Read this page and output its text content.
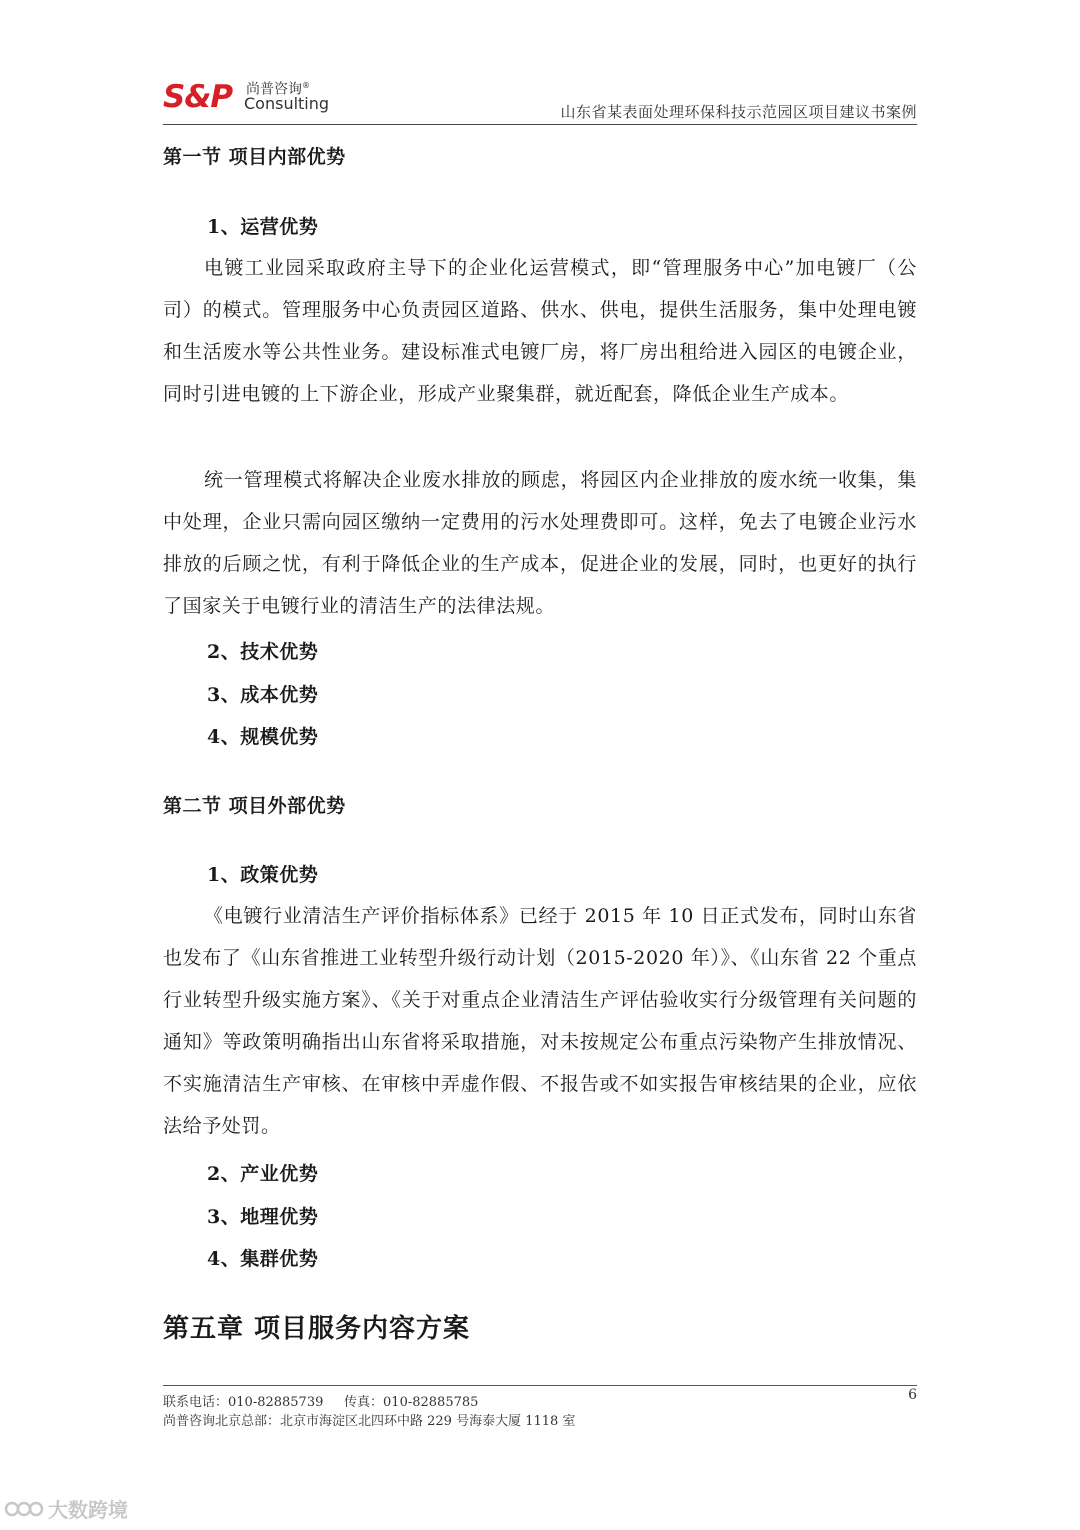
S&P 尚普咨询®
Consulting	山东省某表面处理环保科技示范园区项目建议书案例
第一节 项目内部优势
1、运营优势
电镀工业园采取政府主导下的企业化运营模式，即“管理服务中心”加电镀厂（公司）的模式。管理服务中心负责园区道路、供水、供电，提供生活服务，集中处理电镀和生活废水等公共性业务。建设标准式电镀厂房，将厂房出租给进入园区的电镀企业，同时引进电镀的上下游企业，形成产业聚集群，就近配套，降低企业生产成本。
统一管理模式将解决企业废水排放的顾虑，将园区内企业排放的废水统一收集，集中处理，企业只需向园区缴纳一定费用的污水处理费即可。这样，免去了电镀企业污水排放的后顾之忧，有利于降低企业的生产成本，促进企业的发展，同时，也更好的执行了国家关于电镀行业的清洁生产的法律法规。
2、技术优势
3、成本优势
4、规模优势
第二节 项目外部优势
1、政策优势
《电镀行业清洁生产评价指标体系》已经于 2015 年 10 日正式发布，同时山东省也发布了《山东省推进工业转型升级行动计划（2015-2020 年）》、《山东省 22 个重点行业转型升级实施方案》、《关于对重点企业清洁生产评估验收实行分级管理有关问题的通知》等政策明确指出山东省将采取措施，对未按规定公布重点污染物产生排放情况、不实施清洁生产审核、在审核中弄虚作假、不报告或不如实报告审核结果的企业，应依法给予处罚。
2、产业优势
3、地理优势
4、集群优势
第五章 项目服务内容方案
联系电话：010-82885739     传真：010-82885785
尚普咨询北京总部：北京市海淀区北四环中路 229 号海泰大厦 1118 室
6
大数跨境
